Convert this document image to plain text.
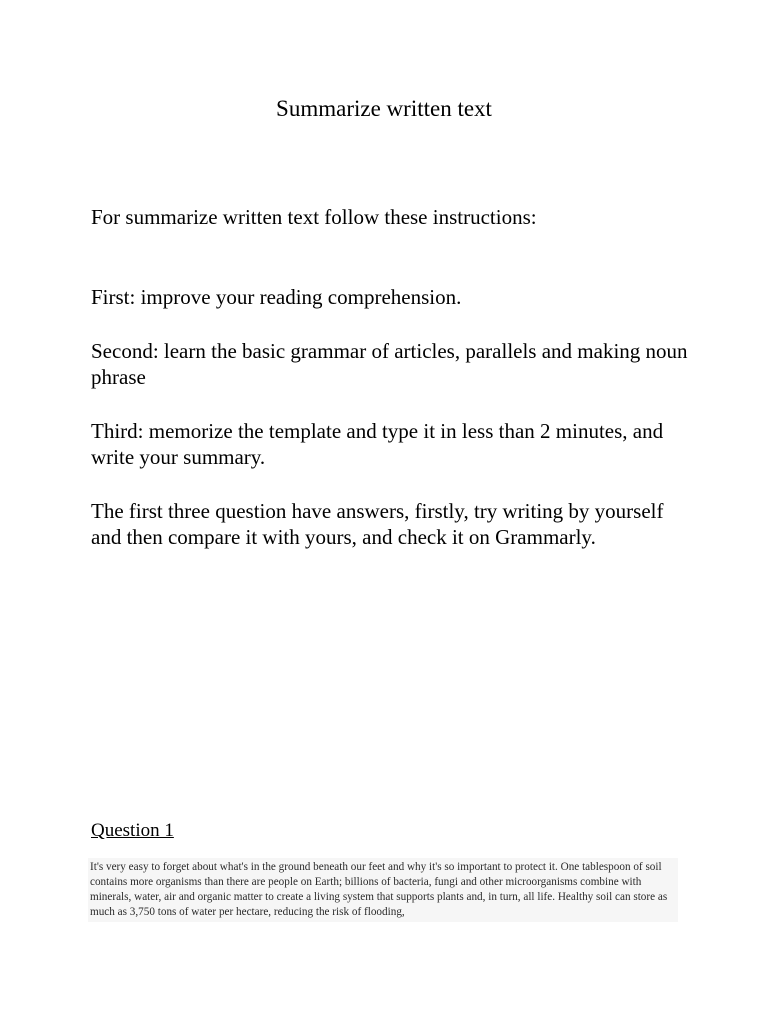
Summarize written text

For summarize written text follow these instructions:

First: improve your reading comprehension.
Second: learn the basic grammar of articles, parallels and making noun phrase
Third: memorize the template and type it in less than 2 minutes, and write your summary.
The first three question have answers, firstly, try writing by yourself and then compare it with yours, and check it on Grammarly.
Question 1

It's very easy to forget about what's in the ground beneath our feet and why it's so important to protect it. One tablespoon of soil contains more organisms than there are people on Earth; billions of bacteria, fungi and other microorganisms combine with minerals, water, air and organic matter to create a living system that supports plants and, in turn, all life. Healthy soil can store as much as 3,750 tons of water per hectare, reducing the risk of flooding,
